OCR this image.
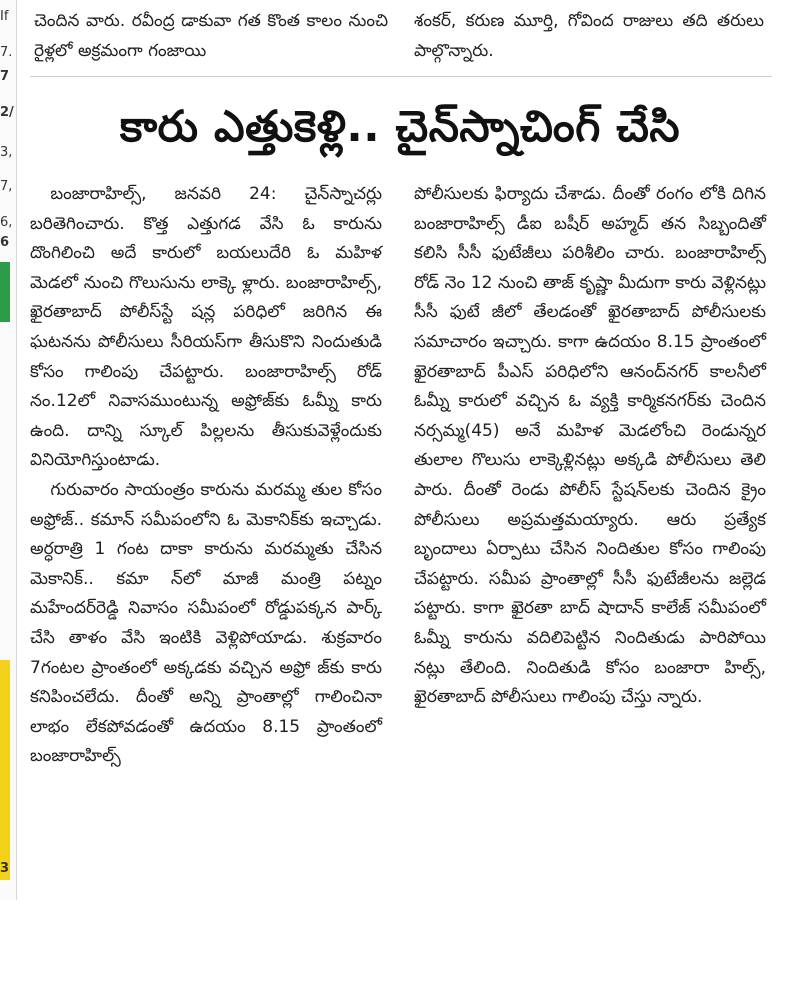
If
7.
7
2/
3,
7,
6,
6
3
చెందిన వారు. రవీంద్ర డాకువా గత కొంత కాలం నుంచి రైళ్లలో అక్రమంగా గంజాయి
శంకర్, కరుణ మూర్తి, గోవింద రాజులు తది తరులు పాల్గొన్నారు.
కారు ఎత్తుకెళ్లి.. చైన్‌స్నాచింగ్ చేసి

బంజారాహిల్స్, జనవరి 24: చైన్‌స్నాచర్లు బరితెగించారు. కొత్త ఎత్తుగడ వేసి ఓ కారును దొంగిలించి అదే కారులో బయలుదేరి ఓ మహిళ మెడలో నుంచి గొలుసును లాక్కె ళ్లారు. బంజారాహిల్స్, ఖైరతాబాద్ పోలీస్‌స్టే షన్ల పరిధిలో జరిగిన ఈ ఘటనను పోలీసులు సీరియస్‌గా తీసుకొని నిందుతుడి కోసం గాలింపు చేపట్టారు. బంజారాహిల్స్ రోడ్ నం.12లో నివాసముంటున్న అఫ్రోజ్‌కు ఓమ్నీ కారు ఉంది. దాన్ని స్కూల్ పిల్లలను తీసుకువెళ్లేందుకు వినియోగిస్తుంటాడు.

గురువారం సాయంత్రం కారును మరమ్మ తుల కోసం అఫ్రోజ్.. కమాన్ సమీపంలోని ఓ మెకానిక్‌కు ఇచ్చాడు. అర్ధరాత్రి 1 గంట దాకా కారును మరమ్మతు చేసిన మెకానిక్.. కమా న్‌లో మాజీ మంత్రి పట్నం మహేందర్‌రెడ్డి నివాసం సమీపంలో రోడ్డుపక్కన పార్క్ చేసి తాళం వేసి ఇంటికి వెళ్లిపోయాడు. శుక్రవారం 7గంటల ప్రాంతంలో అక్కడకు వచ్చిన అఫ్రో జ్‌కు కారు కనిపించలేదు. దీంతో అన్ని ప్రాంతాల్లో గాలించినా లాభం లేకపోవడంతో ఉదయం 8.15 ప్రాంతంలో బంజారాహిల్స్

పోలీసులకు ఫిర్యాదు చేశాడు. దీంతో రంగం లోకి దిగిన బంజారాహిల్స్ డీఐ బషీర్ అహ్మద్ తన సిబ్బందితో కలిసి సీసీ ఫుటేజీలు పరిశీలిం చారు. బంజారాహిల్స్ రోడ్ నెం 12 నుంచి తాజ్ కృష్ణా మీదుగా కారు వెళ్లినట్లు సీసీ ఫుటే జీలో తేలడంతో ఖైరతాబాద్ పోలీసులకు సమాచారం ఇచ్చారు. కాగా ఉదయం 8.15 ప్రాంతంలో ఖైరతాబాద్ పీఎస్ పరిధిలోని ఆనంద్‌నగర్ కాలనీలో ఓమ్నీ కారులో వచ్చిన ఓ వ్యక్తి కార్మికనగర్‌కు చెందిన నర్సమ్మ(45) అనే మహిళ మెడలోంచి రెండున్నర తులాల గొలుసు లాక్కెళ్లినట్లు అక్కడి పోలీసులు తెలి పారు. దీంతో రెండు పోలీస్ స్టేషన్‌లకు చెందిన క్రైం పోలీసులు అప్రమత్తమయ్యారు. ఆరు ప్రత్యేక బృందాలు ఏర్పాటు చేసిన నిందితుల కోసం గాలింపు చేపట్టారు. సమీప ప్రాంతాల్లో సీసీ ఫుటేజీలను జల్లెడ పట్టారు. కాగా ఖైరతా బాద్ షాదాన్ కాలేజ్ సమీపంలో ఓమ్నీ కారును వదిలిపెట్టిన నిందితుడు పారిపోయి నట్లు తేలింది. నిందితుడి కోసం బంజారా హిల్స్, ఖైరతాబాద్ పోలీసులు గాలింపు చేస్తు న్నారు.
